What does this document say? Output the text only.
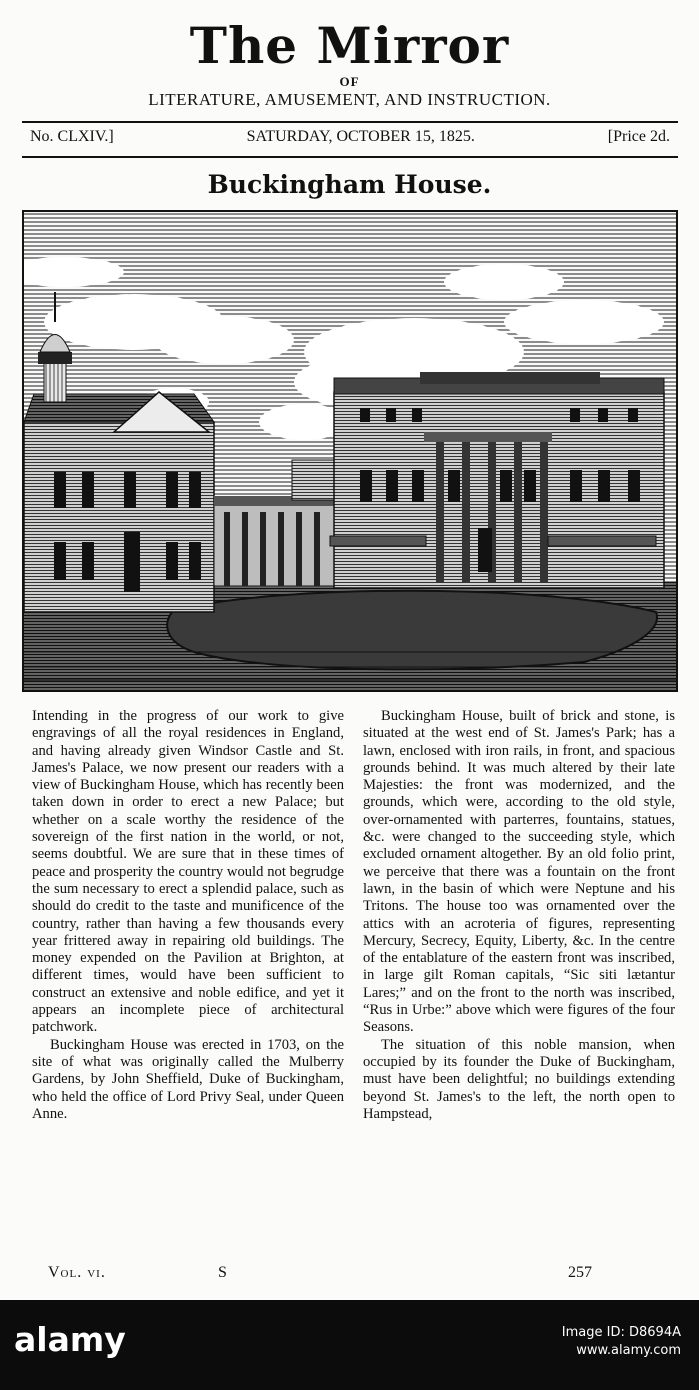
The Mirror
OF
LITERATURE, AMUSEMENT, AND INSTRUCTION.
No. CLXIV.]	SATURDAY, OCTOBER 15, 1825.	[Price 2d.
Buckingham House.

Intending in the progress of our work to give engravings of all the royal residences in England, and having already given Windsor Castle and St. James's Palace, we now present our readers with a view of Buckingham House, which has recently been taken down in order to erect a new Palace; but whether on a scale worthy the residence of the sovereign of the first nation in the world, or not, seems doubtful. We are sure that in these times of peace and prosperity the country would not begrudge the sum necessary to erect a splendid palace, such as should do credit to the taste and munificence of the country, rather than having a few thousands every year frittered away in repairing old buildings. The money expended on the Pavilion at Brighton, at different times, would have been sufficient to construct an extensive and noble edifice, and yet it appears an incomplete piece of architectural patchwork.

Buckingham House was erected in 1703, on the site of what was originally called the Mulberry Gardens, by John Sheffield, Duke of Buckingham, who held the office of Lord Privy Seal, under Queen Anne.

Buckingham House, built of brick and stone, is situated at the west end of St. James's Park; has a lawn, enclosed with iron rails, in front, and spacious grounds behind. It was much altered by their late Majesties: the front was modernized, and the grounds, which were, according to the old style, over-ornamented with parterres, fountains, statues, &c. were changed to the succeeding style, which excluded ornament altogether. By an old folio print, we perceive that there was a fountain on the front lawn, in the basin of which were Neptune and his Tritons. The house too was ornamented over the attics with an acroteria of figures, representing Mercury, Secrecy, Equity, Liberty, &c. In the centre of the entablature of the eastern front was inscribed, in large gilt Roman capitals, “Sic siti lætantur Lares;” and on the front to the north was inscribed, “Rus in Urbe:” above which were figures of the four Seasons.

The situation of this noble mansion, when occupied by its founder the Duke of Buckingham, must have been delightful; no buildings extending beyond St. James's to the left, the north open to Hampstead,

Vol. vi.	S	257
alamy	Image ID: D8694A
www.alamy.com
